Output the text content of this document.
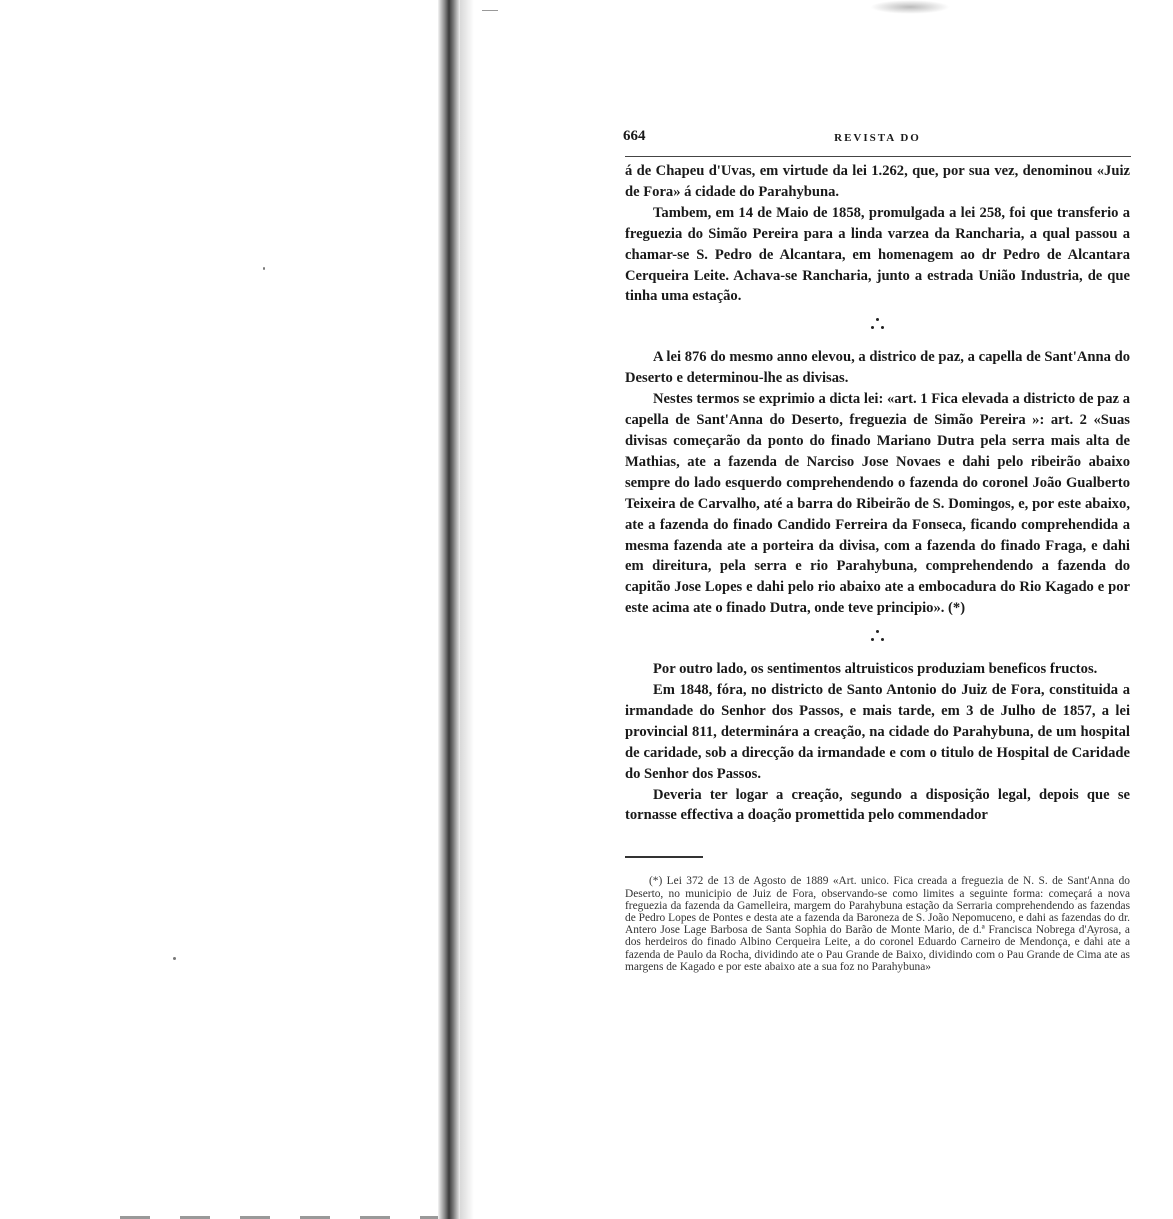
664	REVISTA DO

á de Chapeu d'Uvas, em virtude da lei 1.262, que, por sua vez, denominou «Juiz de Fora» á cidade do Parahybuna.

Tambem, em 14 de Maio de 1858, promulgada a lei 258, foi que transferio a freguezia do Simão Pereira para a linda varzea da Rancharia, a qual passou a chamar-se S. Pedro de Alcantara, em homenagem ao dr Pedro de Alcantara Cerqueira Leite. Achava-se Rancharia, junto a estrada União Industria, de que tinha uma estação.

A lei 876 do mesmo anno elevou, a districo de paz, a capella de Sant'Anna do Deserto e determinou-lhe as divisas.

Nestes termos se exprimio a dicta lei: «art. 1 Fica elevada a districto de paz a capella de Sant'Anna do Deserto, freguezia de Simão Pereira »: art. 2 «Suas divisas começarão da ponto do finado Mariano Dutra pela serra mais alta de Mathias, ate a fazenda de Narciso Jose Novaes e dahi pelo ribeirão abaixo sempre do lado esquerdo comprehendendo o fazenda do coronel João Gualberto Teixeira de Carvalho, até a barra do Ribeirão de S. Domingos, e, por este abaixo, ate a fazenda do finado Candido Ferreira da Fonseca, ficando comprehendida a mesma fazenda ate a porteira da divisa, com a fazenda do finado Fraga, e dahi em direitura, pela serra e rio Parahybuna, comprehendendo a fazenda do capitão Jose Lopes e dahi pelo rio abaixo ate a embocadura do Rio Kagado e por este acima ate o finado Dutra, onde teve principio». (*)

Por outro lado, os sentimentos altruisticos produziam beneficos fructos.

Em 1848, fóra, no districto de Santo Antonio do Juiz de Fora, constituida a irmandade do Senhor dos Passos, e mais tarde, em 3 de Julho de 1857, a lei provincial 811, determinára a creação, na cidade do Parahybuna, de um hospital de caridade, sob a direcção da irmandade e com o titulo de Hospital de Caridade do Senhor dos Passos.

Deveria ter logar a creação, segundo a disposição legal, depois que se tornasse effectiva a doação promettida pelo commendador

(*) Lei 372 de 13 de Agosto de 1889 «Art. unico. Fica creada a freguezia de N. S. de Sant'Anna do Deserto, no municipio de Juiz de Fora, observando-se como limites a seguinte forma: começará a nova freguezia da fazenda da Gamelleira, margem do Parahybuna estação da Serraria comprehendendo as fazendas de Pedro Lopes de Pontes e desta ate a fazenda da Baroneza de S. João Nepomuceno, e dahi as fazendas do dr. Antero Jose Lage Barbosa de Santa Sophia do Barão de Monte Mario, de d.ª Francisca Nobrega d'Ayrosa, a dos herdeiros do finado Albino Cerqueira Leite, a do coronel Eduardo Carneiro de Mendonça, e dahi ate a fazenda de Paulo da Rocha, dividindo ate o Pau Grande de Baixo, dividindo com o Pau Grande de Cima ate as margens de Kagado e por este abaixo ate a sua foz no Parahybuna»
